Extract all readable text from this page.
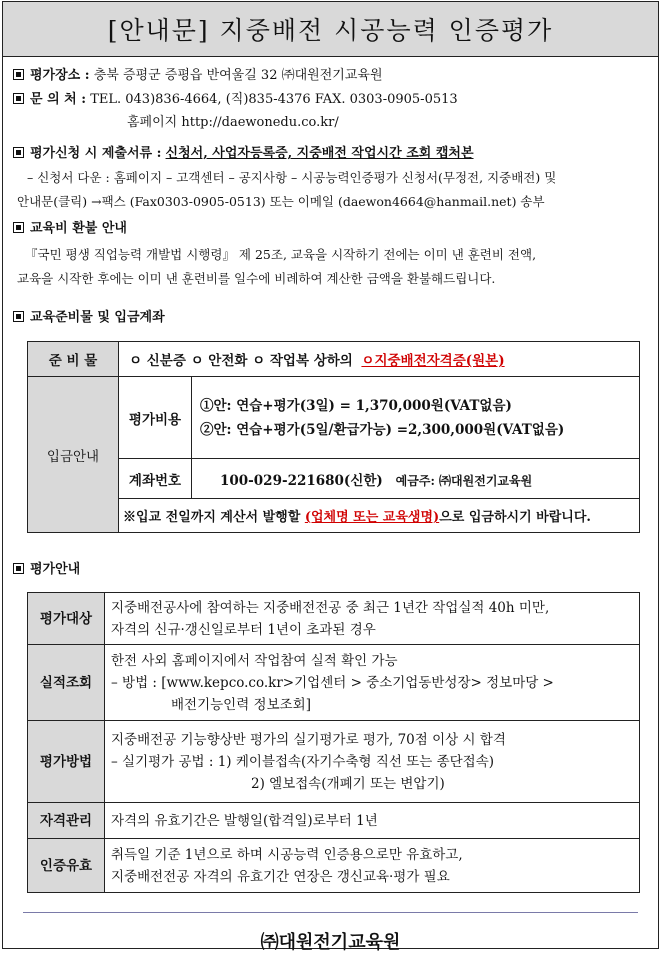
[안내문] 지중배전 시공능력 인증평가
평가장소 : 충북 증평군 증평읍 반여울길 32 ㈜대원전기교육원
문 의 처 : TEL. 043)836-4664, (직)835-4376 FAX. 0303-0905-0513
홈페이지 http://daewonedu.co.kr/
평가신청 시 제출서류 : 신청서, 사업자등록증, 지중배전 작업시간 조회 캡처본
– 신청서 다운 : 홈페이지 – 고객센터 – 공지사항 – 시공능력인증평가 신청서(무정전, 지중배전) 및
안내문(클릭) →팩스 (Fax0303-0905-0513) 또는 이메일 (daewon4664@hanmail.net) 송부
교육비 환불 안내
『국민 평생 직업능력 개발법 시행령』 제 25조, 교육을 시작하기 전에는 이미 낸 훈련비 전액,
교육을 시작한 후에는 이미 낸 훈련비를 일수에 비례하여 계산한 금액을 환불해드립니다.
교육준비물 및 입금계좌
준 비 물	ㅇ 신분증 ㅇ 안전화 ㅇ 작업복 상하의 ㅇ지중배전자격증(원본)	
입금안내	평가비용	①안: 연습+평가(3일) = 1,370,000원(VAT없음)
②안: 연습+평가(5일/환급가능) =2,300,000원(VAT없음)

	계좌번호	100-029-221680(신한) 예금주: ㈜대원전기교육원
	※입교 전일까지 계산서 발행할 (업체명 또는 교육생명)으로 입금하시기 바랍니다.	
평가안내
평가대상	지중배전공사에 참여하는 지중배전전공 중 최근 1년간 작업실적 40h 미만,
자격의 신규·갱신일로부터 1년이 초과된 경우

실적조회	한전 사외 홈페이지에서 작업참여 실적 확인 가능
– 방법 : [www.kepco.co.kr>기업센터 > 중소기업동반성장> 정보마당 >
배전기능인력 정보조회]

평가방법	지중배전공 기능향상반 평가의 실기평가로 평가, 70점 이상 시 합격
– 실기평가 공법 : 1) 케이블접속(자기수축형 직선 또는 종단접속)
2) 엘보접속(개폐기 또는 변압기)

자격관리	자격의 유효기간은 발행일(합격일)로부터 1년

인증유효	취득일 기준 1년으로 하며 시공능력 인증용으로만 유효하고,
지중배전전공 자격의 유효기간 연장은 갱신교육·평가 필요
㈜대원전기교육원
